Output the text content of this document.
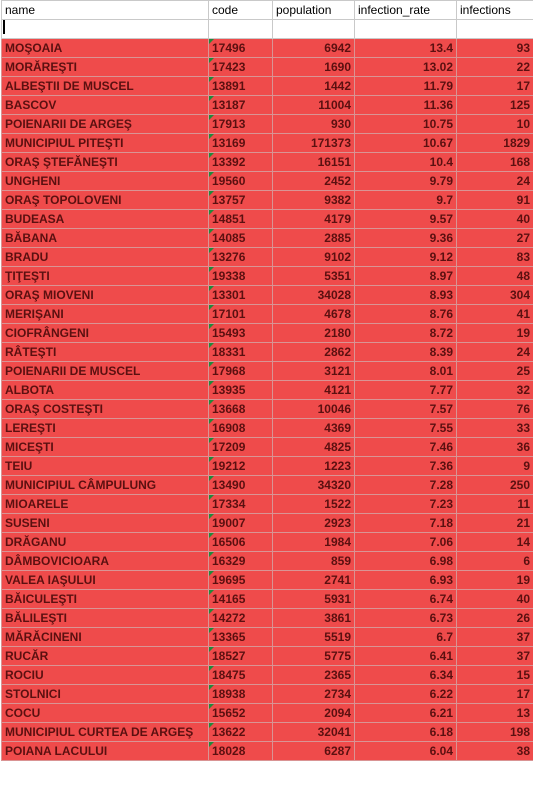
name	code	population	infection_rate	infections

MOŞOAIA	17496	6942	13.4	93
MORĂREŞTI	17423	1690	13.02	22
ALBEŞTII DE MUSCEL	13891	1442	11.79	17
BASCOV	13187	11004	11.36	125
POIENARII DE ARGEŞ	17913	930	10.75	10
MUNICIPIUL PITEŞTI	13169	171373	10.67	1829
ORAŞ ŞTEFĂNEŞTI	13392	16151	10.4	168
UNGHENI	19560	2452	9.79	24
ORAŞ TOPOLOVENI	13757	9382	9.7	91
BUDEASA	14851	4179	9.57	40
BĂBANA	14085	2885	9.36	27
BRADU	13276	9102	9.12	83
ŢIŢEŞTI	19338	5351	8.97	48
ORAŞ MIOVENI	13301	34028	8.93	304
MERIŞANI	17101	4678	8.76	41
CIOFRÂNGENI	15493	2180	8.72	19
RÂTEŞTI	18331	2862	8.39	24
POIENARII DE MUSCEL	17968	3121	8.01	25
ALBOTA	13935	4121	7.77	32
ORAŞ COSTEŞTI	13668	10046	7.57	76
LEREŞTI	16908	4369	7.55	33
MICEŞTI	17209	4825	7.46	36
TEIU	19212	1223	7.36	9
MUNICIPIUL CÂMPULUNG	13490	34320	7.28	250
MIOARELE	17334	1522	7.23	11
SUSENI	19007	2923	7.18	21
DRĂGANU	16506	1984	7.06	14
DÂMBOVICIOARA	16329	859	6.98	6
VALEA IAŞULUI	19695	2741	6.93	19
BĂICULEŞTI	14165	5931	6.74	40
BĂLILEŞTI	14272	3861	6.73	26
MĂRĂCINENI	13365	5519	6.7	37
RUCĂR	18527	5775	6.41	37
ROCIU	18475	2365	6.34	15
STOLNICI	18938	2734	6.22	17
COCU	15652	2094	6.21	13
MUNICIPIUL CURTEA DE ARGEŞ	13622	32041	6.18	198
POIANA LACULUI	18028	6287	6.04	38
